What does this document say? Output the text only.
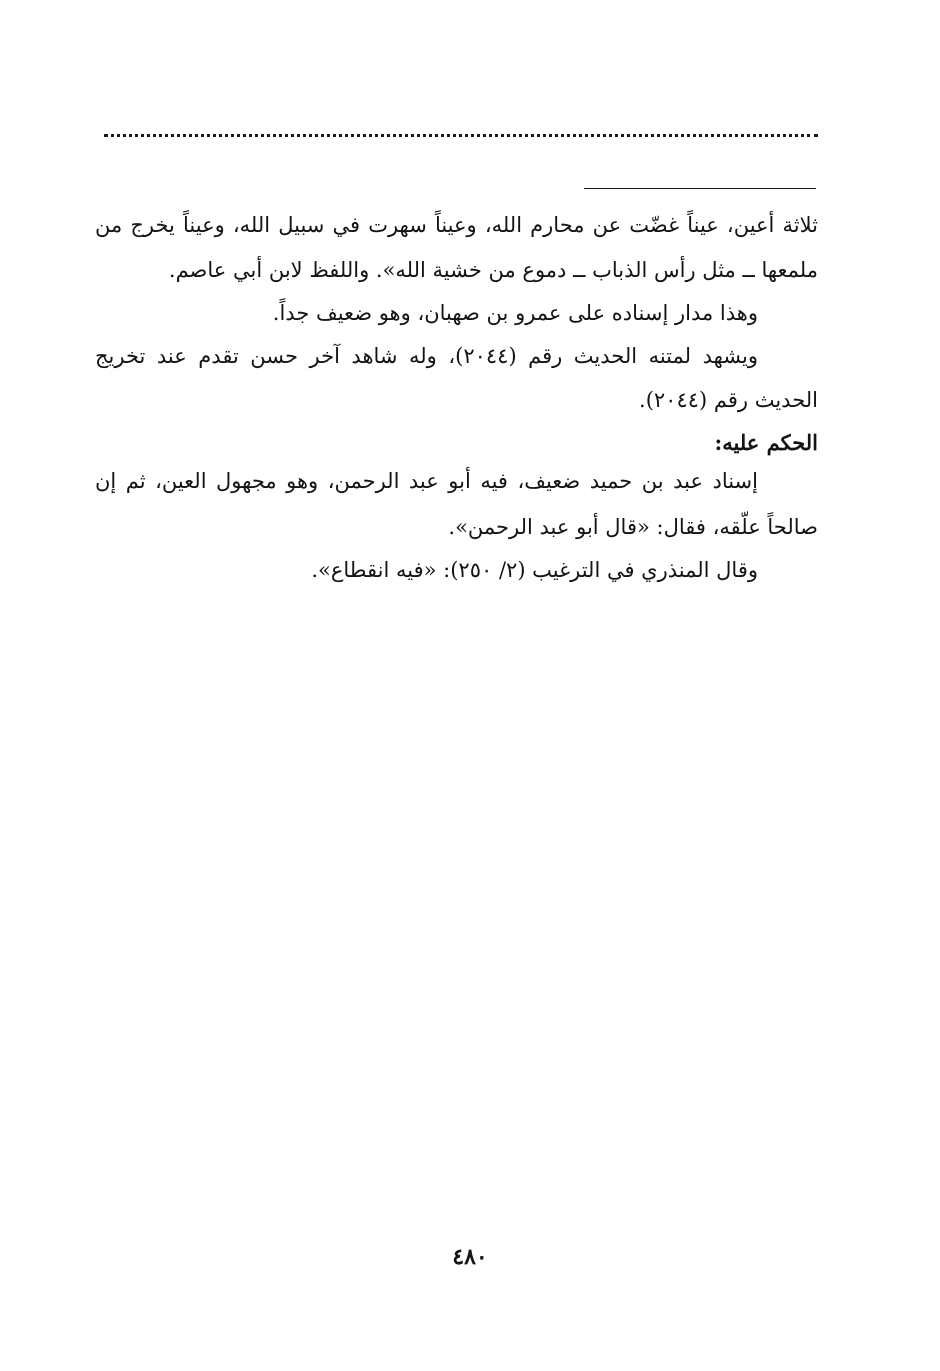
ثلاثة أعين، عيناً غضّت عن محارم الله، وعيناً سهرت في سبيل الله، وعيناً يخرج من
ملمعها ــ مثل رأس الذباب ــ دموع من خشية الله». واللفظ لابن أبي عاصم.
وهذا مدار إسناده على عمرو بن صهبان، وهو ضعيف جداً.
ويشهد لمتنه الحديث رقم (٢٠٤٤)، وله شاهد آخر حسن تقدم عند تخريج
الحديث رقم (٢٠٤٤).
الحكم عليه:
إسناد عبد بن حميد ضعيف، فيه أبو عبد الرحمن، وهو مجهول العين، ثم إن
صالحاً علّقه، فقال: «قال أبو عبد الرحمن».
وقال المنذري في الترغيب (٢/ ٢٥٠): «فيه انقطاع».
٤٨٠
